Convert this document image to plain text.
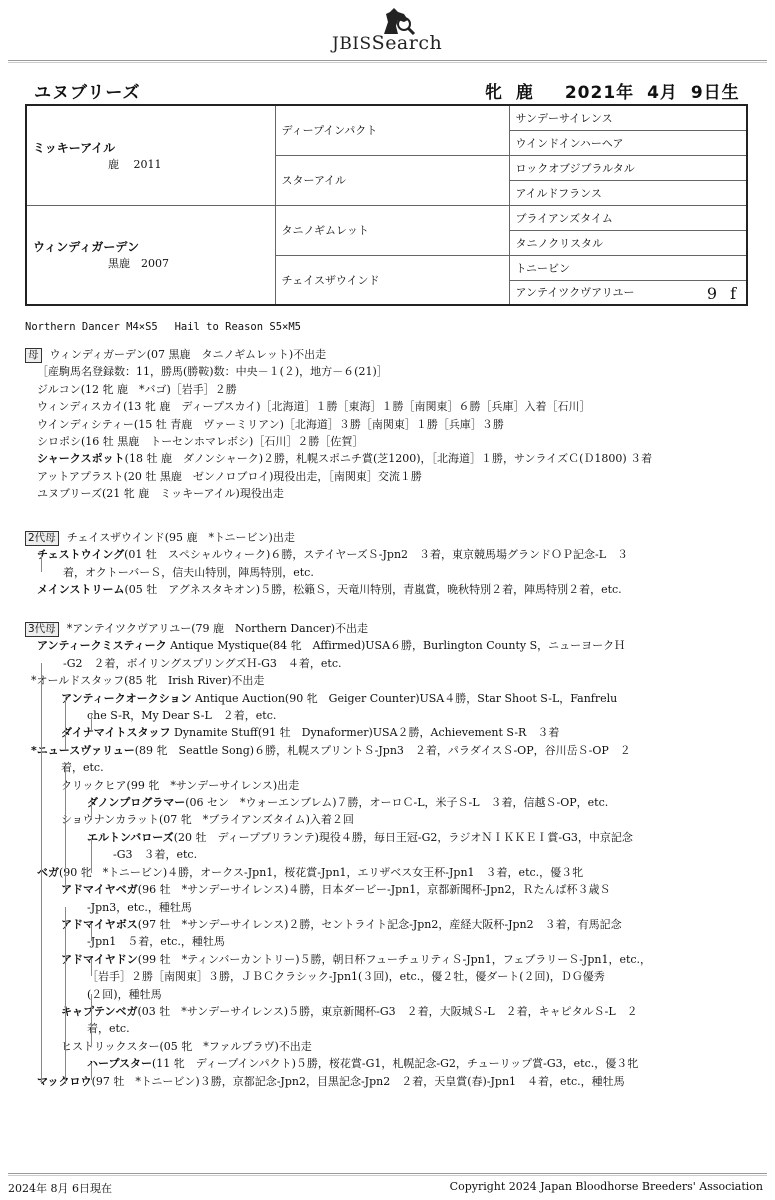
JBISSearch
ユヌブリーズ	牝 鹿　 2021年 4月 9日生
ミッキーアイル
鹿　 2011	ディープインパクト	サンデーサイレンス
		ウインドインハーヘア
	スターアイル	ロックオブジブラルタル
		アイルドフランス

ウィンディガーデン
黒鹿　2007	タニノギムレット	ブライアンズタイム
		タニノクリスタル
	チェイスザウインド	トニービン
		アンテイツクヴアリユー 9 f
Northern Dancer M4×S5　 Hail to Reason S5×M5
母 ウィンディガーデン(07 黒鹿　タニノギムレット)不出走
［産駒馬名登録数：11，勝馬(勝鞍)数：中央－１(２)，地方－６(21)］
ジルコン(12 牝 鹿　*バゴ)［岩手］２勝
ウィンディスカイ(13 牝 鹿　ディープスカイ)［北海道］１勝［東海］１勝［南関東］６勝［兵庫］入着［石川］
ウインディシティー(15 牡 青鹿　ヴァーミリアン)［北海道］３勝［南関東］１勝［兵庫］３勝
シロポシ(16 牡 黒鹿　トーセンホマレボシ)［石川］２勝［佐賀］
シャークスポット(18 牡 鹿　ダノンシャーク)２勝，札幌スポニチ賞(芝1200)，［北海道］１勝，サンライズＣ(Ｄ1800) ３着
アットアプラスト(20 牡 黒鹿　ゼンノロブロイ)現役出走，［南関東］交流１勝
ユヌブリーズ(21 牝 鹿　ミッキーアイル)現役出走
2代母 チェイスザウインド(95 鹿　*トニービン)出走
チェストウイング(01 牡　スペシャルウィーク)６勝，ステイヤーズＳ-Jpn2　３着，東京競馬場グランドＯＰ記念-L　３
着，オクトーバーＳ，信夫山特別，陣馬特別，etc.
メインストリーム(05 牡　アグネスタキオン)５勝，松籟Ｓ，天竜川特別，青嵐賞，晩秋特別２着，陣馬特別２着，etc.
3代母 *アンテイツクヴアリユー(79 鹿　Northern Dancer)不出走
アンティークミスティーク Antique Mystique(84 牝　Affirmed)USA６勝，Burlington County S，ニューヨークＨ
-G2　２着，ボイリングスプリングズＨ-G3　４着，etc.
*オールドスタッフ(85 牝　Irish River)不出走
アンティークオークション Antique Auction(90 牝　Geiger Counter)USA４勝，Star Shoot S-L，Fanfrelu
che S-R，My Dear S-L　２着，etc.
ダイナマイトスタッフ Dynamite Stuff(91 牡　Dynaformer)USA２勝，Achievement S-R　３着
*ニュースヴァリュー(89 牝　Seattle Song)６勝，札幌スプリントＳ-Jpn3　２着，パラダイスＳ-OP，谷川岳Ｓ-OP　２
着，etc.
クリックヒア(99 牝　*サンデーサイレンス)出走
ダノンプログラマー(06 セン　*ウォーエンブレム)７勝，オーロＣ-L，米子Ｓ-L　３着，信越Ｓ-OP，etc.
ショウナンカラット(07 牝　*ブライアンズタイム)入着２回
エルトンバローズ(20 牡　ディープブリランテ)現役４勝，毎日王冠-G2，ラジオＮＩＫＫＥＩ賞-G3，中京記念
-G3　３着，etc.
ベガ(90 牝　*トニービン)４勝，オークス-Jpn1，桜花賞-Jpn1，エリザベス女王杯-Jpn1　３着，etc.，優３牝
アドマイヤベガ(96 牡　*サンデーサイレンス)４勝，日本ダービー-Jpn1，京都新聞杯-Jpn2，Ｒたんぱ杯３歳Ｓ
-Jpn3，etc.，種牡馬
アドマイヤボス(97 牡　*サンデーサイレンス)２勝，セントライト記念-Jpn2，産経大阪杯-Jpn2　３着，有馬記念
-Jpn1　５着，etc.，種牡馬
アドマイヤドン(99 牡　*ティンバーカントリー)５勝，朝日杯フューチュリティＳ-Jpn1，フェブラリーＳ-Jpn1，etc.，
［岩手］２勝［南関東］３勝，ＪＢＣクラシック-Jpn1(３回)，etc.，優２牡，優ダート(２回)，ＤＧ優秀
(２回)，種牡馬
キャプテンベガ(03 牡　*サンデーサイレンス)５勝，東京新聞杯-G3　２着，大阪城Ｓ-L　２着，キャピタルＳ-L　２
着，etc.
ヒストリックスター(05 牝　*ファルブラヴ)不出走
ハープスター(11 牝　ディープインパクト)５勝，桜花賞-G1，札幌記念-G2，チューリップ賞-G3，etc.，優３牝
マックロウ(97 牡　*トニービン)３勝，京都記念-Jpn2，目黒記念-Jpn2　２着，天皇賞(春)-Jpn1　４着，etc.，種牡馬
2024年 8月 6日現在	Copyright 2024 Japan Bloodhorse Breeders' Association
